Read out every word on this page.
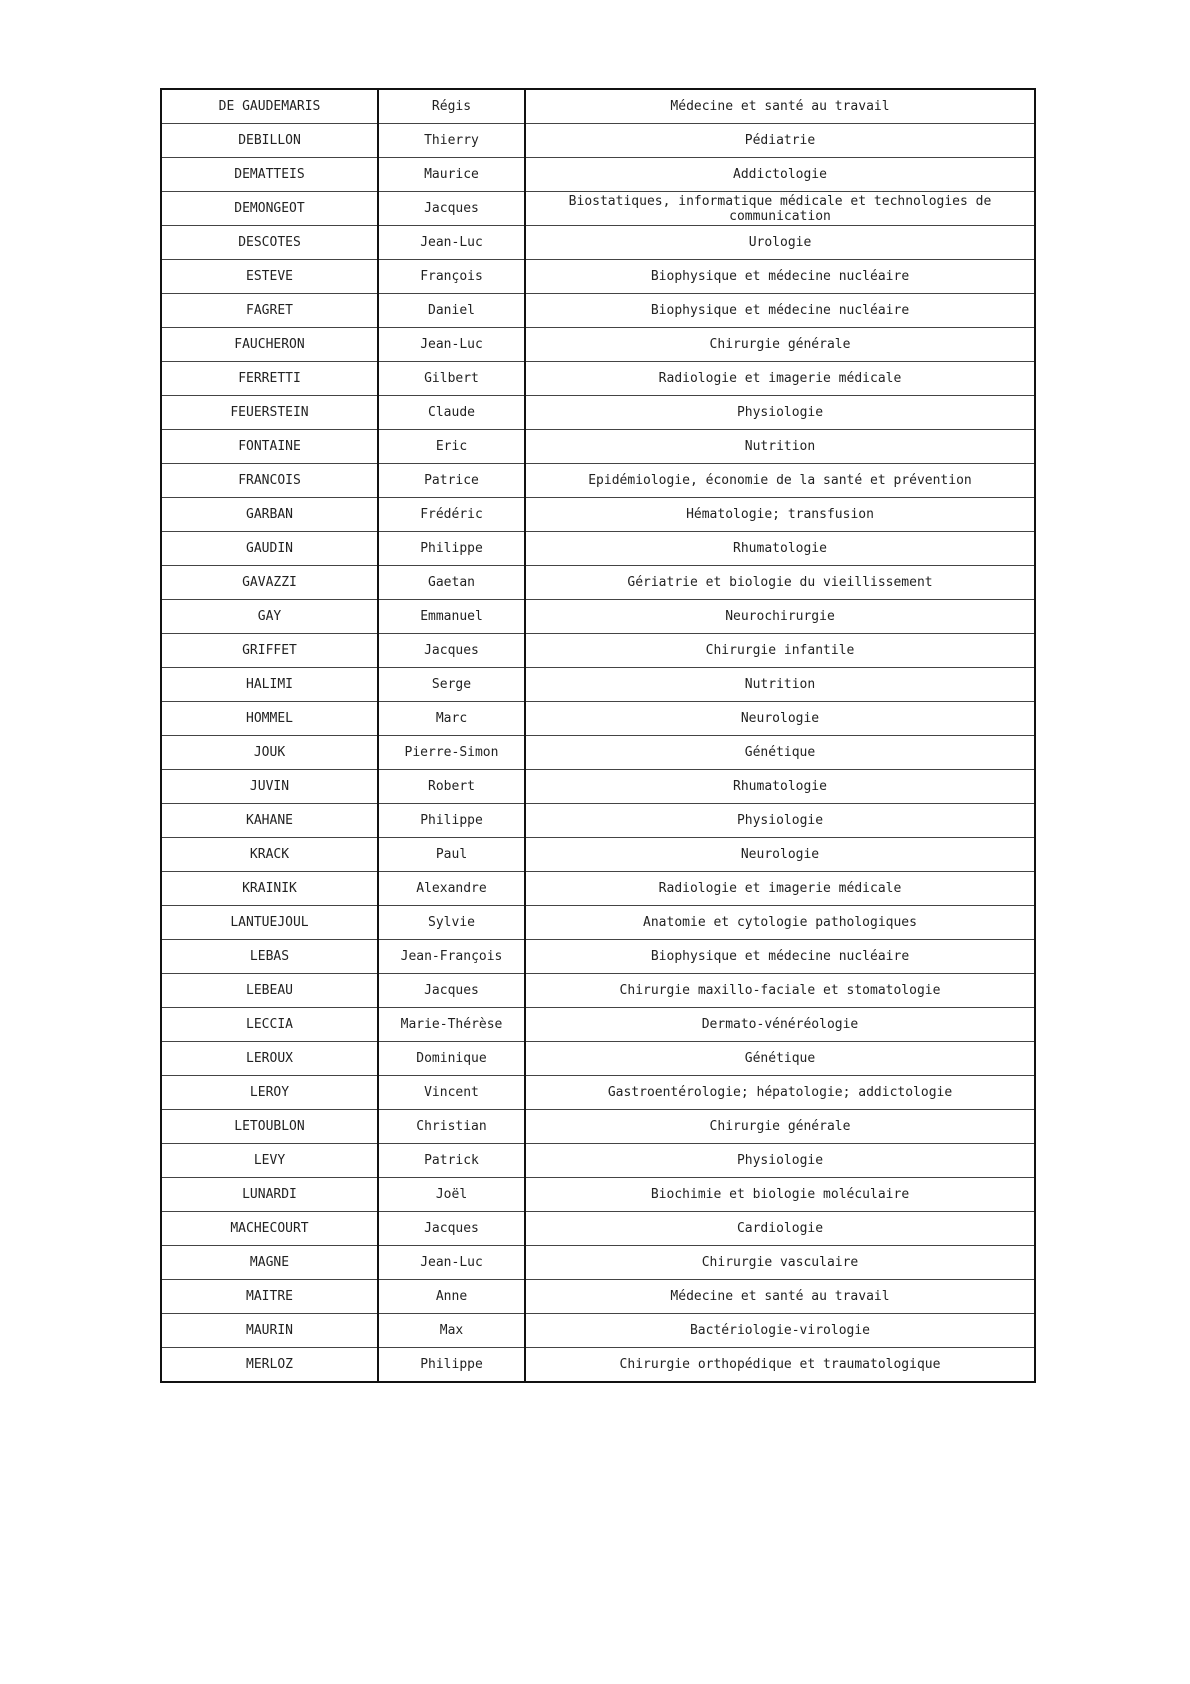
DE GAUDEMARIS	Régis	Médecine et santé au travail
DEBILLON	Thierry	Pédiatrie
DEMATTEIS	Maurice	Addictologie
DEMONGEOT	Jacques	Biostatiques, informatique médicale et technologies de communication
DESCOTES	Jean-Luc	Urologie
ESTEVE	François	Biophysique et médecine nucléaire
FAGRET	Daniel	Biophysique et médecine nucléaire
FAUCHERON	Jean-Luc	Chirurgie générale
FERRETTI	Gilbert	Radiologie et imagerie médicale
FEUERSTEIN	Claude	Physiologie
FONTAINE	Eric	Nutrition
FRANCOIS	Patrice	Epidémiologie, économie de la santé et prévention
GARBAN	Frédéric	Hématologie; transfusion
GAUDIN	Philippe	Rhumatologie
GAVAZZI	Gaetan	Gériatrie et biologie du vieillissement
GAY	Emmanuel	Neurochirurgie
GRIFFET	Jacques	Chirurgie infantile
HALIMI	Serge	Nutrition
HOMMEL	Marc	Neurologie
JOUK	Pierre-Simon	Génétique
JUVIN	Robert	Rhumatologie
KAHANE	Philippe	Physiologie
KRACK	Paul	Neurologie
KRAINIK	Alexandre	Radiologie et imagerie médicale
LANTUEJOUL	Sylvie	Anatomie et cytologie pathologiques
LEBAS	Jean-François	Biophysique et médecine nucléaire
LEBEAU	Jacques	Chirurgie maxillo-faciale et stomatologie
LECCIA	Marie-Thérèse	Dermato-vénéréologie
LEROUX	Dominique	Génétique
LEROY	Vincent	Gastroentérologie; hépatologie; addictologie
LETOUBLON	Christian	Chirurgie générale
LEVY	Patrick	Physiologie
LUNARDI	Joël	Biochimie et biologie moléculaire
MACHECOURT	Jacques	Cardiologie
MAGNE	Jean-Luc	Chirurgie vasculaire
MAITRE	Anne	Médecine et santé au travail
MAURIN	Max	Bactériologie-virologie
MERLOZ	Philippe	Chirurgie orthopédique et traumatologique
